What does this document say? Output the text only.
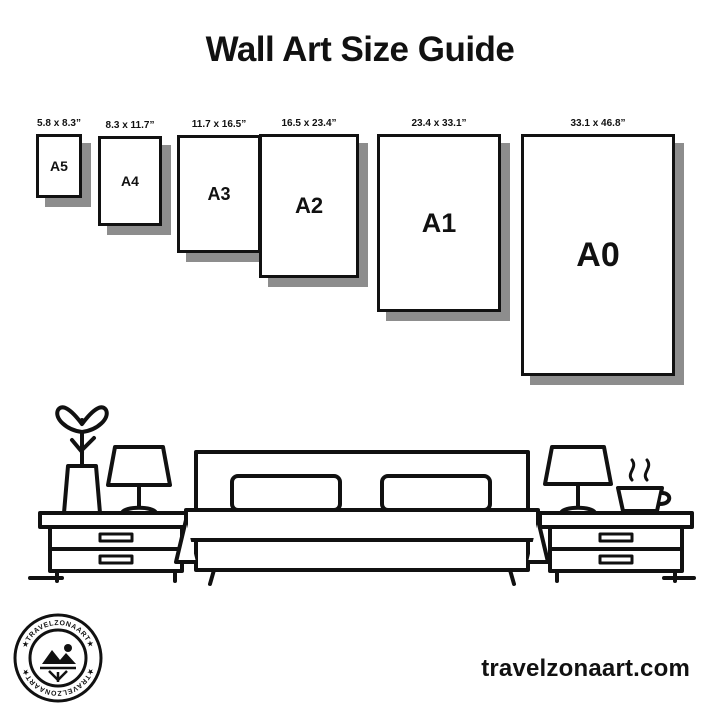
Wall Art Size Guide
5.8 x 8.3”
A5
8.3 x 11.7”
A4
11.7 x 16.5”
A3
16.5 x 23.4”
A2
23.4 x 33.1”
A1
33.1 x 46.8”
A0
★TRAVELZONAART★
★TRAVELZONAART★	travelzonaart.com
